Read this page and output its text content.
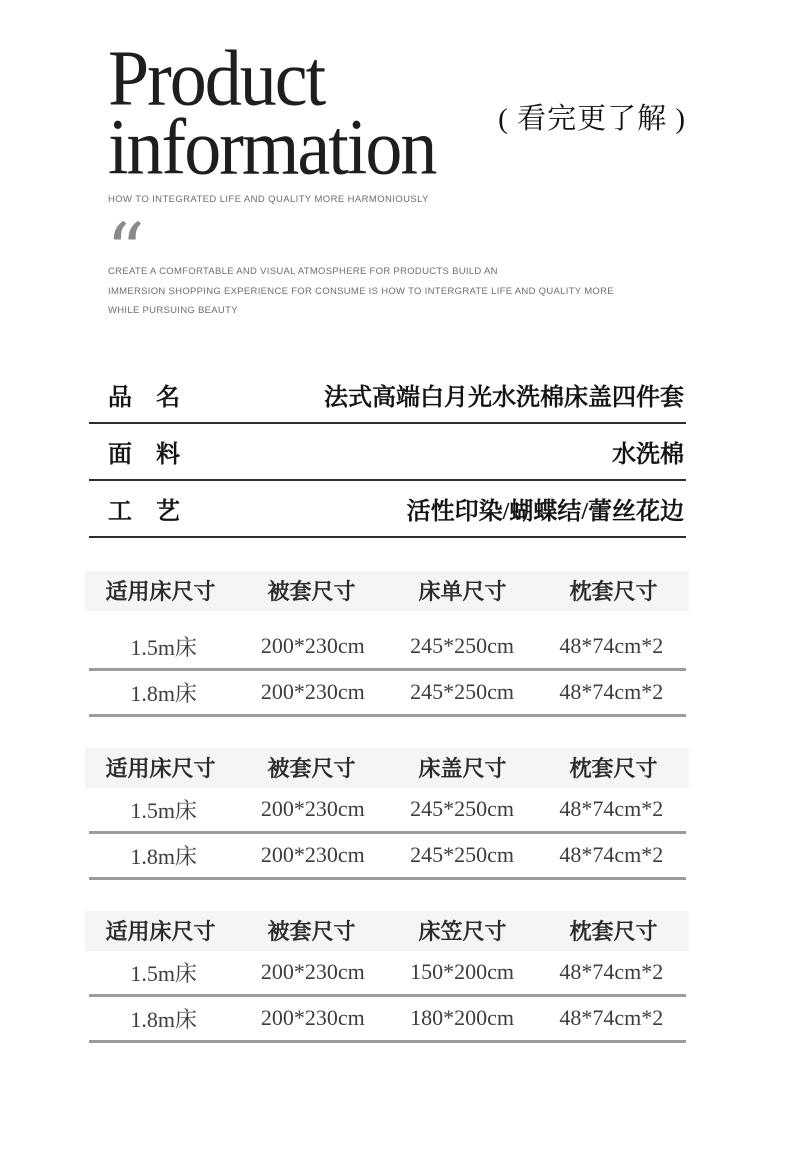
Product
information ( 看完更了解 )
HOW TO INTEGRATED LIFE AND QUALITY MORE HARMONIOUSLY
“
CREATE A COMFORTABLE AND VISUAL ATMOSPHERE FOR PRODUCTS BUILD AN
IMMERSION SHOPPING EXPERIENCE FOR CONSUME IS HOW TO INTERGRATE LIFE AND QUALITY MORE
WHILE PURSUING BEAUTY
品　名	法式高端白月光水洗棉床盖四件套
面　料	水洗棉
工　艺	活性印染/蝴蝶结/蕾丝花边
适用床尺寸	被套尺寸	床单尺寸	枕套尺寸
1.5m床	200*230cm	245*250cm	48*74cm*2
1.8m床	200*230cm	245*250cm	48*74cm*2
适用床尺寸	被套尺寸	床盖尺寸	枕套尺寸
1.5m床	200*230cm	245*250cm	48*74cm*2
1.8m床	200*230cm	245*250cm	48*74cm*2
适用床尺寸	被套尺寸	床笠尺寸	枕套尺寸
1.5m床	200*230cm	150*200cm	48*74cm*2
1.8m床	200*230cm	180*200cm	48*74cm*2
